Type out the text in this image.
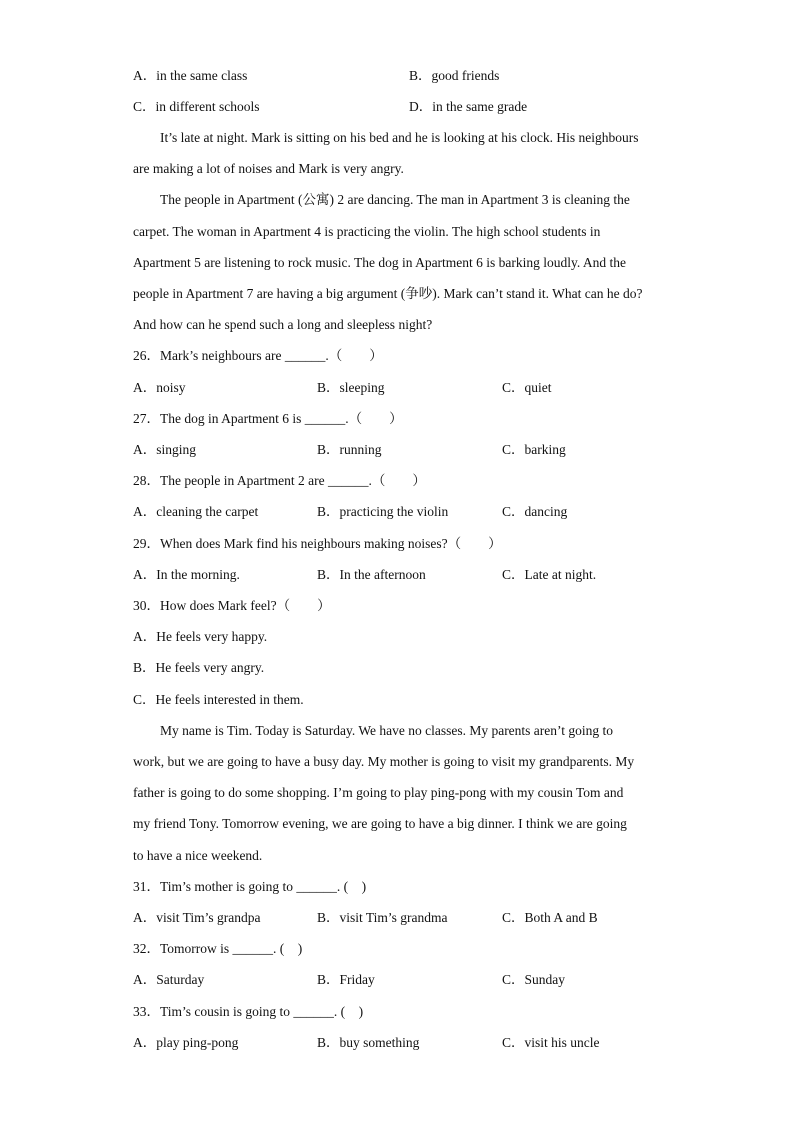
A．in the same class	B．good friends
C．in different schools	D．in the same grade
It’s late at night. Mark is sitting on his bed and he is looking at his clock. His neighbours
are making a lot of noises and Mark is very angry.
The people in Apartment (公寓) 2 are dancing. The man in Apartment 3 is cleaning the
carpet. The woman in Apartment 4 is practicing the violin. The high school students in
Apartment 5 are listening to rock music. The dog in Apartment 6 is barking loudly. And the
people in Apartment 7 are having a big argument (争吵). Mark can’t stand it. What can he do?
And how can he spend such a long and sleepless night?
26．Mark’s neighbours are ______.（　　）
A．noisy	B．sleeping	C．quiet
27．The dog in Apartment 6 is ______.（　　）
A．singing	B．running	C．barking
28．The people in Apartment 2 are ______.（　　）
A．cleaning the carpet	B．practicing the violin	C．dancing
29．When does Mark find his neighbours making noises?（　　）
A．In the morning.	B．In the afternoon	C．Late at night.
30．How does Mark feel?（　　）
A．He feels very happy.
B．He feels very angry.
C．He feels interested in them.
My name is Tim. Today is Saturday. We have no classes. My parents aren’t going to
work, but we are going to have a busy day. My mother is going to visit my grandparents. My
father is going to do some shopping. I’m going to play ping-pong with my cousin Tom and
my friend Tony. Tomorrow evening, we are going to have a big dinner. I think we are going
to have a nice weekend.
31．Tim’s mother is going to ______. (　)
A．visit Tim’s grandpa	B．visit Tim’s grandma	C．Both A and B
32．Tomorrow is ______. (　)
A．Saturday	B．Friday	C．Sunday
33．Tim’s cousin is going to ______. (　)
A．play ping-pong	B．buy something	C．visit his uncle
